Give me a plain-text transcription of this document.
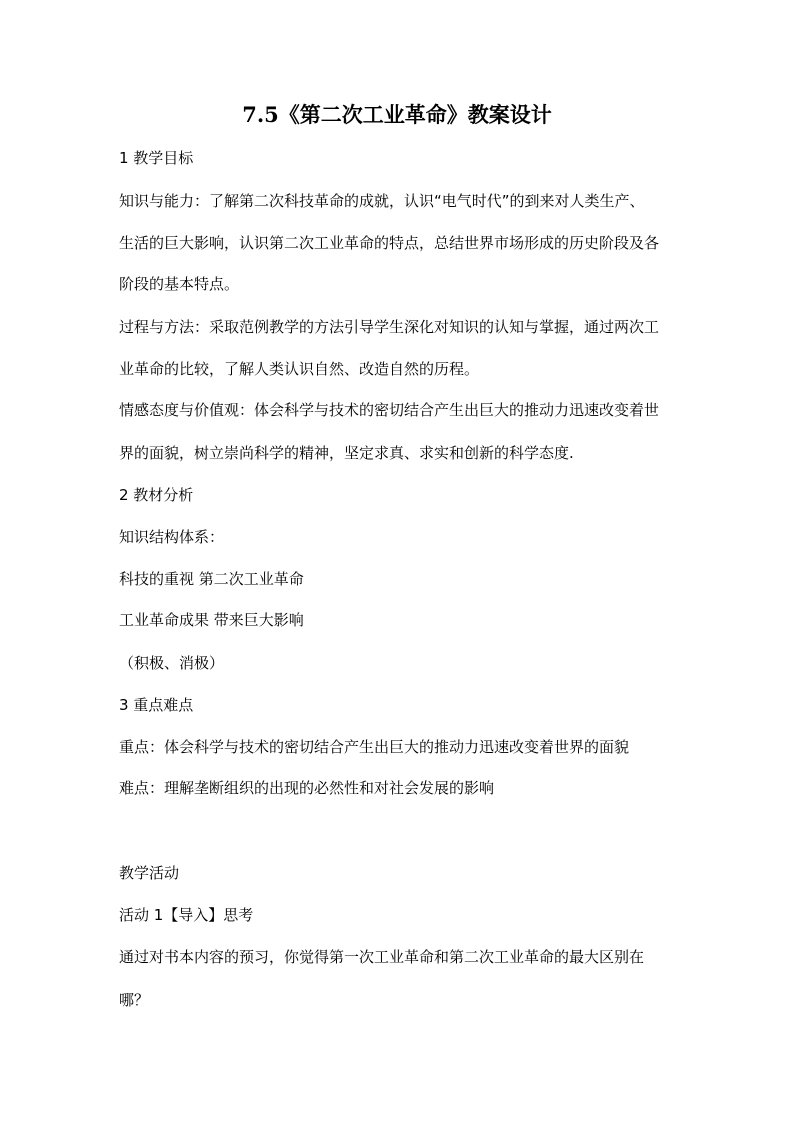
7.5《第二次工业革命》教案设计
1 教学目标
知识与能力：了解第二次科技革命的成就，认识“电气时代”的到来对人类生产、
生活的巨大影响，认识第二次工业革命的特点，总结世界市场形成的历史阶段及各
阶段的基本特点。
过程与方法：采取范例教学的方法引导学生深化对知识的认知与掌握，通过两次工
业革命的比较，了解人类认识自然、改造自然的历程。
情感态度与价值观：体会科学与技术的密切结合产生出巨大的推动力迅速改变着世
界的面貌，树立崇尚科学的精神，坚定求真、求实和创新的科学态度.
2 教材分析
知识结构体系：
科技的重视 第二次工业革命
工业革命成果 带来巨大影响
（积极、消极）
3 重点难点
重点：体会科学与技术的密切结合产生出巨大的推动力迅速改变着世界的面貌
难点：理解垄断组织的出现的必然性和对社会发展的影响
教学活动
活动 1【导入】思考
通过对书本内容的预习，你觉得第一次工业革命和第二次工业革命的最大区别在
哪？
